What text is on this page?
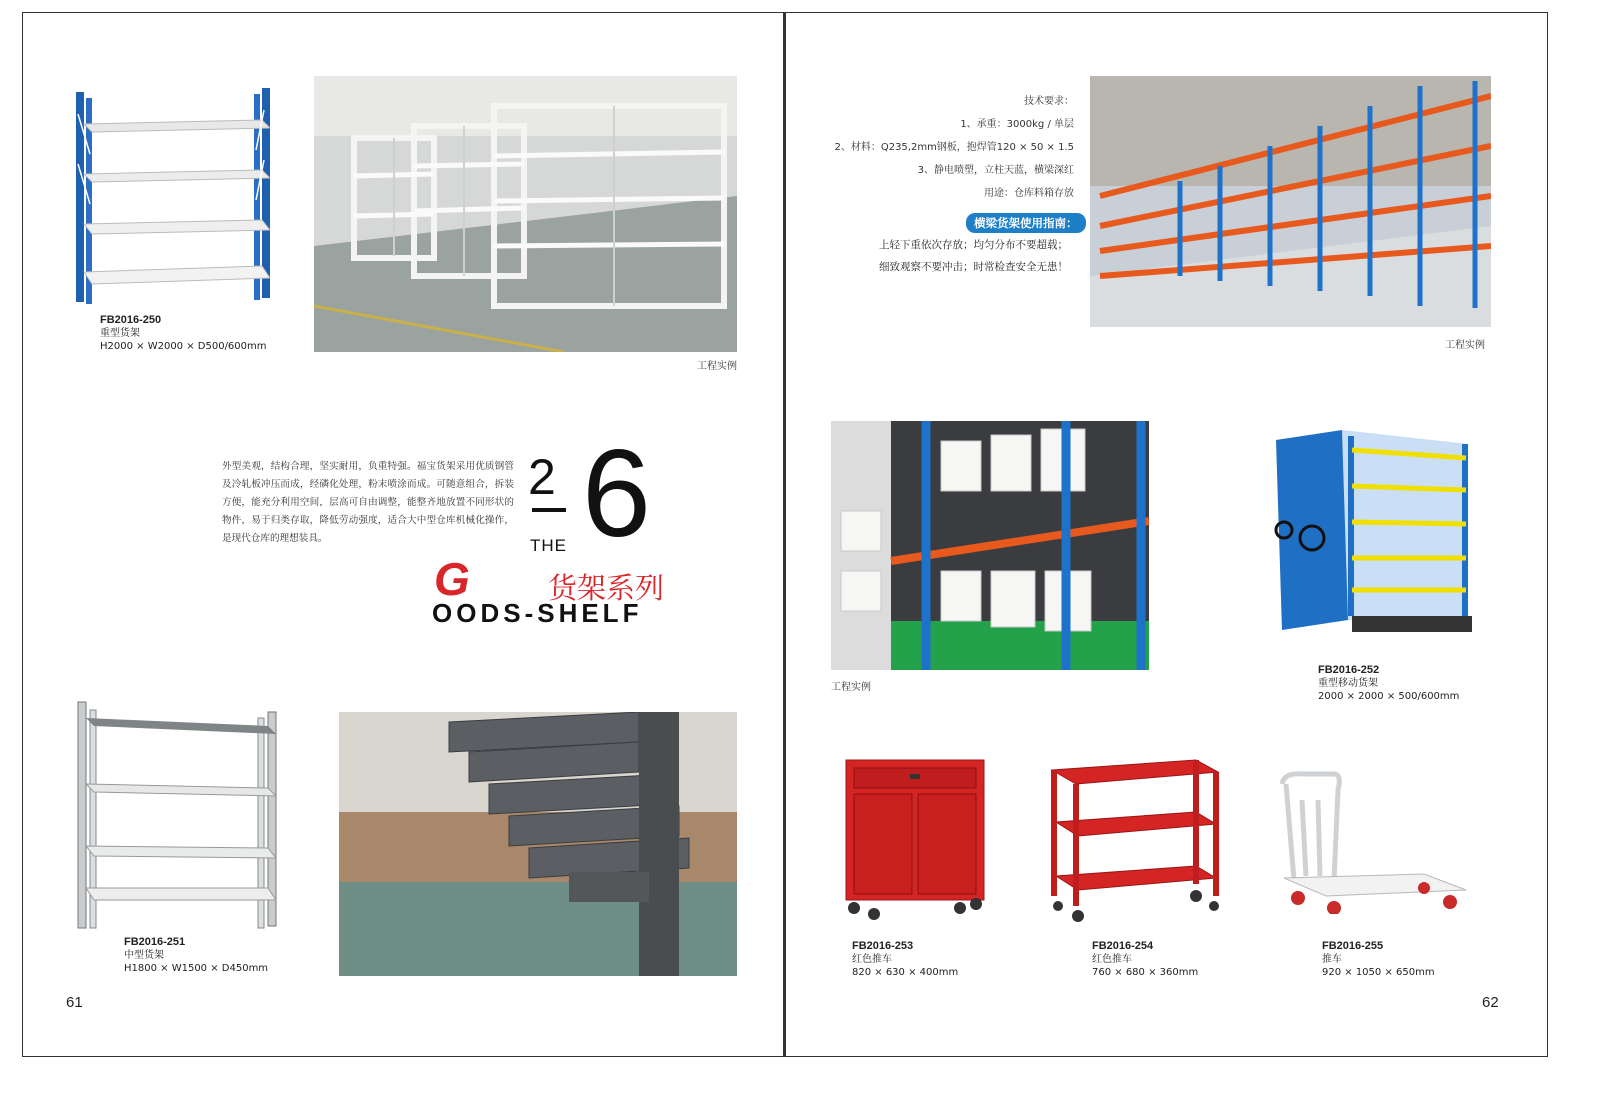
FB2016-250
重型货架
H2000 × W2000 × D500/600mm
工程实例
外型美观，结构合理，坚实耐用，负重特强。福宝货架采用优质钢管及冷轧板冲压而成，经磷化处理，粉末喷涂而成。可随意组合，拆装方便，能充分利用空间，层高可自由调整，能整齐地放置不同形状的物件，易于归类存取，降低劳动强度，适合大中型仓库机械化操作，是现代仓库的理想装具。
2 6
THE
货架系列
G
OODS-SHELF
FB2016-251
中型货架
H1800 × W1500 × D450mm
61
技术要求：
1、承重：3000kg / 单层
2、材料：Q235,2mm钢板，抱焊管120 × 50 × 1.5
3、静电喷塑，立柱天蓝，横梁深红
用途：仓库料箱存放
横梁货架使用指南：
上轻下重依次存放；均匀分布不要超载；
细致观察不要冲击；时常检查安全无患！
工程实例
工程实例
FB2016-252
重型移动货架
2000 × 2000 × 500/600mm
FB2016-253
红色推车
820 × 630 × 400mm
FB2016-254
红色推车
760 × 680 × 360mm
FB2016-255
推车
920 × 1050 × 650mm
62
